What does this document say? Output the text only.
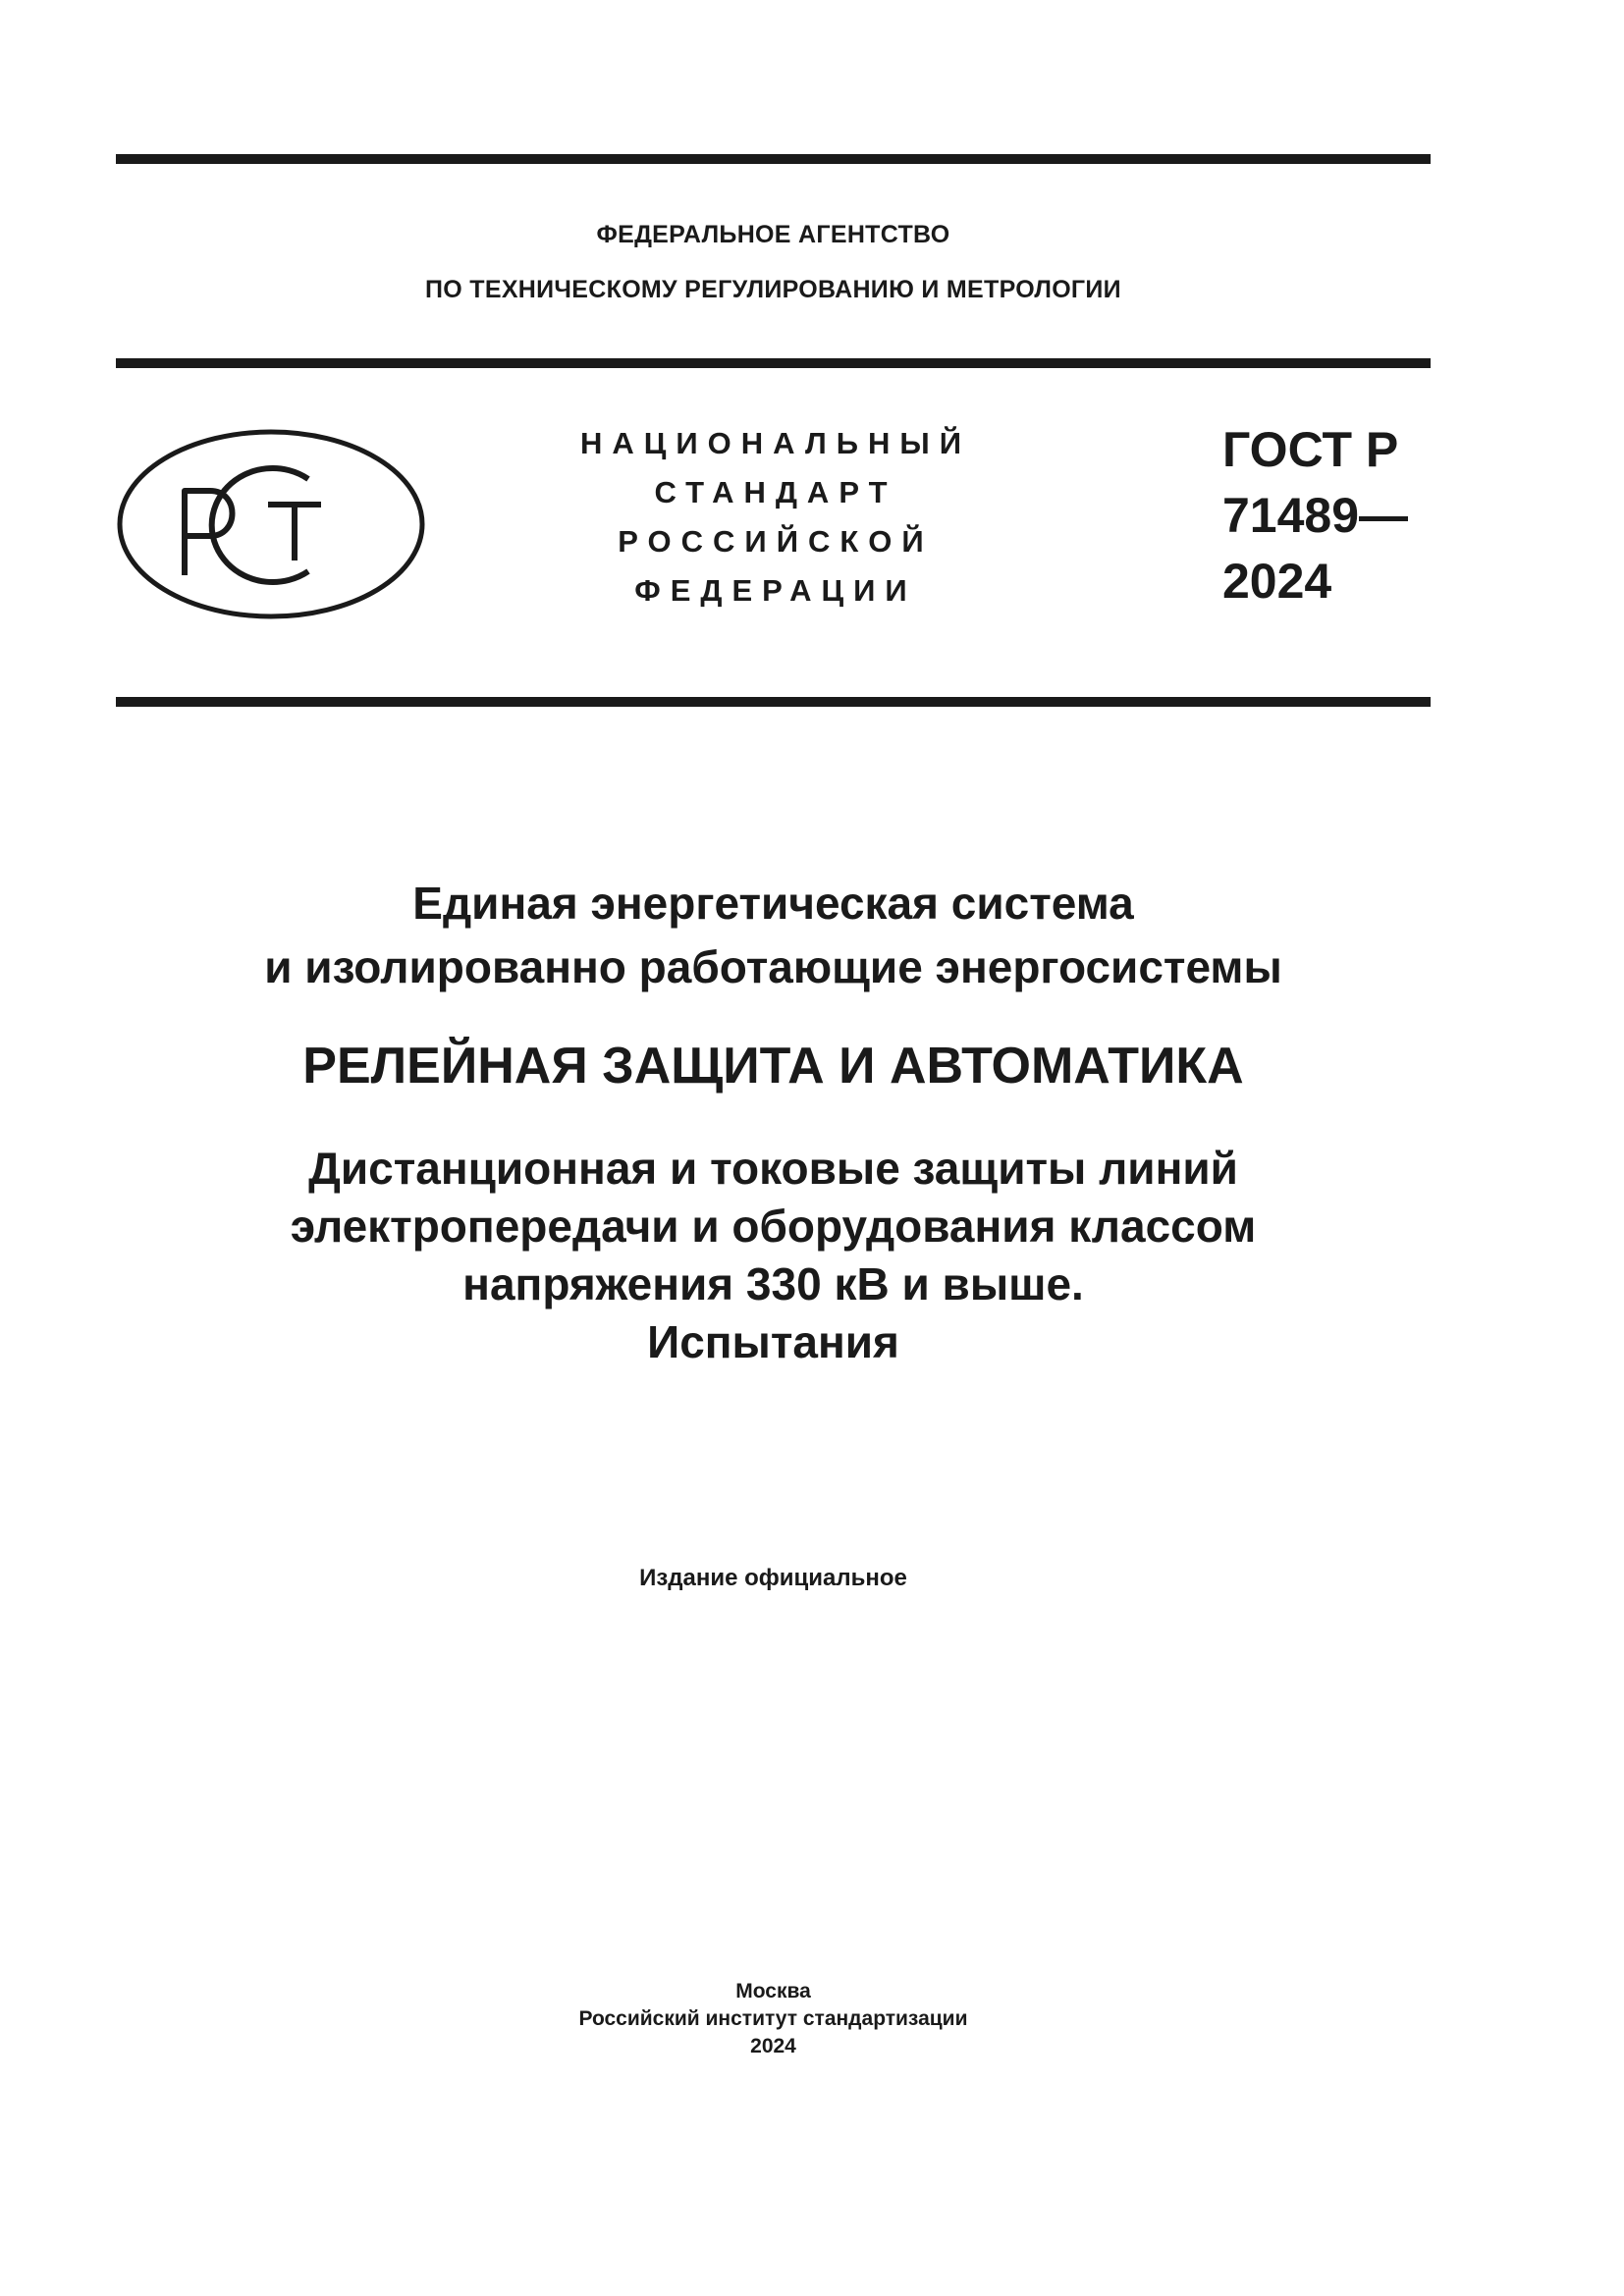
ФЕДЕРАЛЬНОЕ АГЕНТСТВО
ПО ТЕХНИЧЕСКОМУ РЕГУЛИРОВАНИЮ И МЕТРОЛОГИИ
НАЦИОНАЛЬНЫЙ
СТАНДАРТ
РОССИЙСКОЙ
ФЕДЕРАЦИИ
ГОСТ Р
71489—
2024
Единая энергетическая система
и изолированно работающие энергосистемы
РЕЛЕЙНАЯ ЗАЩИТА И АВТОМАТИКА
Дистанционная и токовые защиты линий
электропередачи и оборудования классом
напряжения 330 кВ и выше.
Испытания
Издание официальное
Москва
Российский институт стандартизации
2024
